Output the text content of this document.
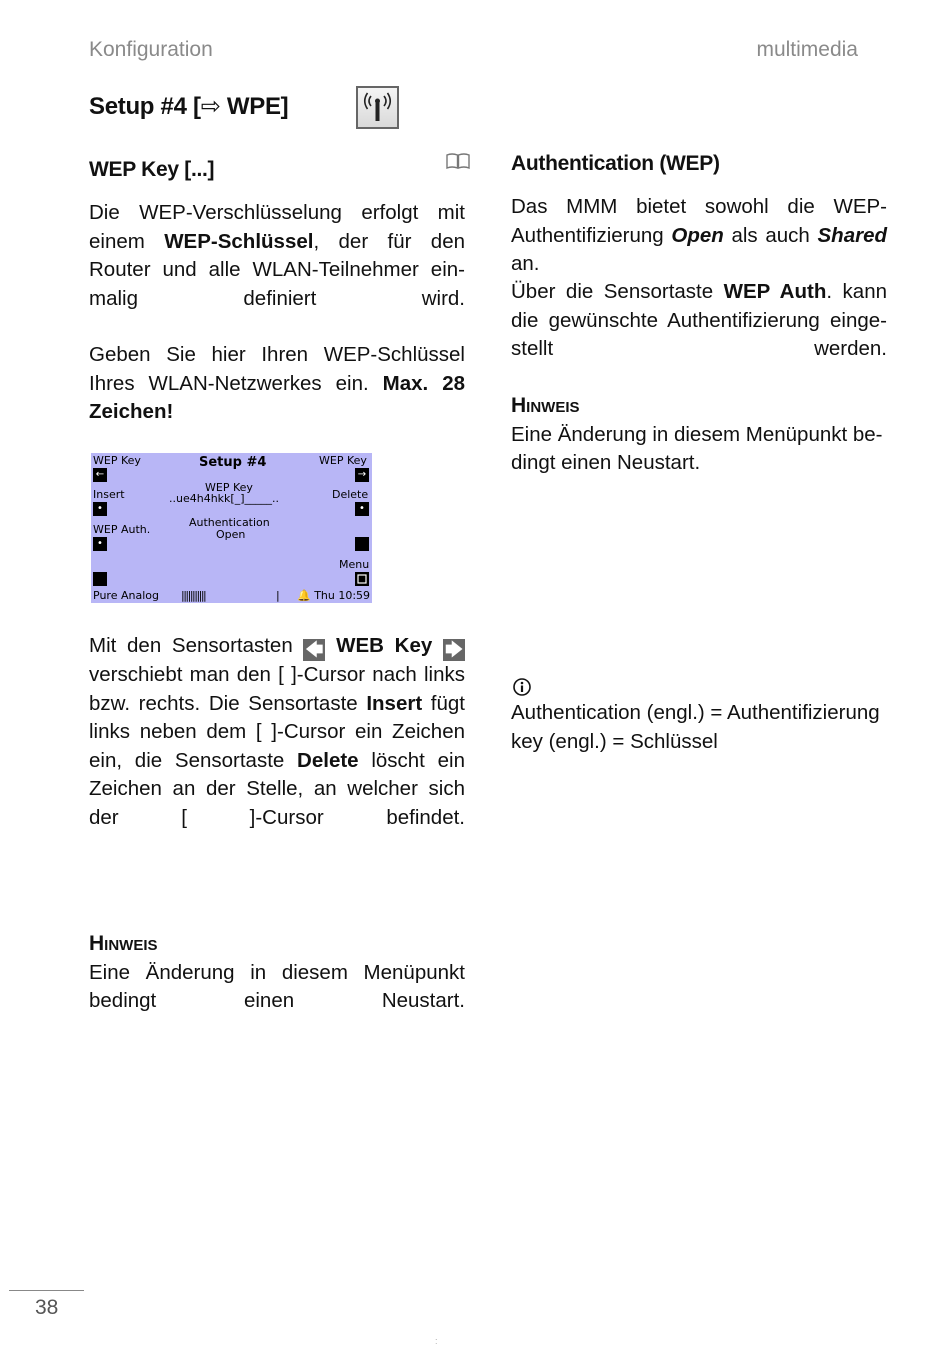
Konfiguration	multimedia
Setup #4 [⇨ WPE]
WEP Key [...]

Die WEP-Verschlüsselung erfolgt mit einem WEP-Schlüssel, der für den Router und alle WLAN-Teilnehmer ein-malig definiert wird.

Geben Sie hier Ihren WEP-Schlüssel Ihres WLAN-Netzwerkes ein. Max. 28 Zeichen!

WEP Key	Setup #4	WEP Key
←	→
WEP Key
..ue4h4hkk[_]_____..
Insert	Delete
•	•
WEP Auth.
Authentication
Open
•
Menu
Pure Analog |||||||||||	| 🔔 Thu 10:59

Mit den Sensortasten 🡄 WEB Key 🡆 verschiebt man den [ ]-Cursor nach links bzw. rechts. Die Sensortaste Insert fügt links neben dem [ ]-Cursor ein Zeichen ein, die Sensortaste Delete löscht ein Zeichen an der Stelle, an welcher sich der [ ]-Cursor befindet.

Hinweis

Eine Änderung in diesem Menüpunkt bedingt einen Neustart.

Authentication (WEP)

Das MMM bietet sowohl die WEP-Authentifizierung Open als auch Shared an.

Über die Sensortaste WEP Auth. kann die gewünschte Authentifizierung einge-stellt werden.

Hinweis

Eine Änderung in diesem Menüpunkt be-dingt einen Neustart.

Authentication (engl.) = Authentifizierung

key (engl.) = Schlüssel

38
:
